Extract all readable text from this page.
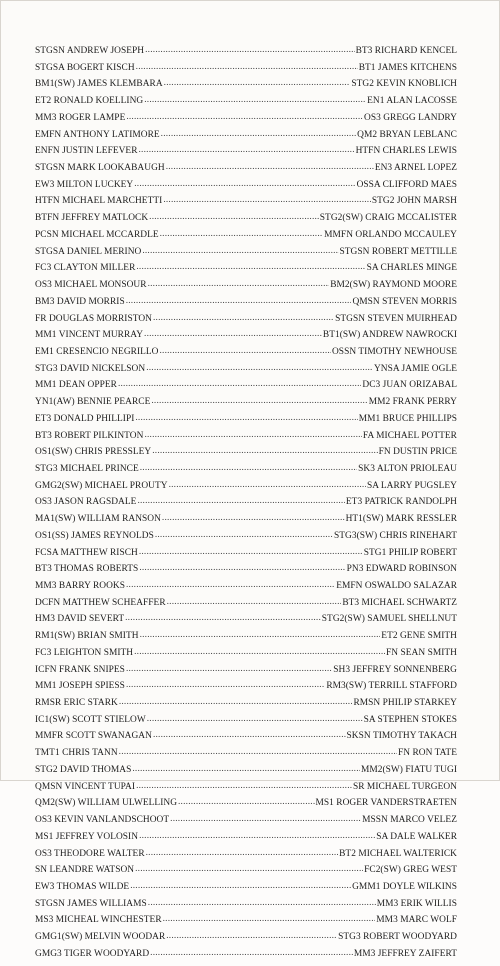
STGSN ANDREW JOSEPH .....	BT3 RICHARD KENCEL
STGSA BOGERT KISCH .....	BT1 JAMES KITCHENS
BM1(SW) JAMES KLEMBARA .....	STG2 KEVIN KNOBLICH
ET2 RONALD KOELLING .....	EN1 ALAN LACOSSE
MM3 ROGER LAMPE .....	OS3 GREGG LANDRY
EMFN ANTHONY LATIMORE .....	QM2 BRYAN LEBLANC
ENFN JUSTIN LEFEVER .....	HTFN CHARLES LEWIS
STGSN MARK LOOKABAUGH .....	EN3 ARNEL LOPEZ
EW3 MILTON LUCKEY .....	OSSA CLIFFORD MAES
HTFN MICHAEL MARCHETTI .....	STG2 JOHN MARSH
BTFN JEFFREY MATLOCK .....	STG2(SW) CRAIG MCCALISTER
PCSN MICHAEL MCCARDLE .....	MMFN ORLANDO MCCAULEY
STGSA DANIEL MERINO .....	STGSN ROBERT METTILLE
FC3 CLAYTON MILLER .....	SA CHARLES MINGE
OS3 MICHAEL MONSOUR .....	BM2(SW) RAYMOND MOORE
BM3 DAVID MORRIS .....	QMSN STEVEN MORRIS
FR DOUGLAS MORRISTON .....	STGSN STEVEN MUIRHEAD
MM1 VINCENT MURRAY .....	BT1(SW) ANDREW NAWROCKI
EM1 CRESENCIO NEGRILLO .....	OSSN TIMOTHY NEWHOUSE
STG3 DAVID NICKELSON .....	YNSA JAMIE OGLE
MM1 DEAN OPPER .....	DC3 JUAN ORIZABAL
YN1(AW) BENNIE PEARCE .....	MM2 FRANK PERRY
ET3 DONALD PHILLIPI .....	MM1 BRUCE PHILLIPS
BT3 ROBERT PILKINTON .....	FA MICHAEL POTTER
OS1(SW) CHRIS PRESSLEY .....	FN DUSTIN PRICE
STG3 MICHAEL PRINCE .....	SK3 ALTON PRIOLEAU
GMG2(SW) MICHAEL PROUTY .....	SA LARRY PUGSLEY
OS3 JASON RAGSDALE .....	ET3 PATRICK RANDOLPH
MA1(SW) WILLIAM RANSON .....	HT1(SW) MARK RESSLER
OS1(SS) JAMES REYNOLDS .....	STG3(SW) CHRIS RINEHART
FCSA MATTHEW RISCH .....	STG1 PHILIP ROBERT
BT3 THOMAS ROBERTS .....	PN3 EDWARD ROBINSON
MM3 BARRY ROOKS .....	EMFN OSWALDO SALAZAR
DCFN MATTHEW SCHEAFFER .....	BT3 MICHAEL SCHWARTZ
HM3 DAVID SEVERT .....	STG2(SW) SAMUEL SHELLNUT
RM1(SW) BRIAN SMITH .....	ET2 GENE SMITH
FC3 LEIGHTON SMITH .....	FN SEAN SMITH
ICFN FRANK SNIPES .....	SH3 JEFFREY SONNENBERG
MM1 JOSEPH SPIESS .....	RM3(SW) TERRILL STAFFORD
RMSR ERIC STARK .....	RMSN PHILIP STARKEY
IC1(SW) SCOTT STIELOW .....	SA STEPHEN STOKES
MMFR SCOTT SWANAGAN .....	SKSN TIMOTHY TAKACH
TMT1 CHRIS TANN .....	FN RON TATE
STG2 DAVID THOMAS .....	MM2(SW) FIATU TUGI
QMSN VINCENT TUPAI .....	SR MICHAEL TURGEON
QM2(SW) WILLIAM ULWELLING .....	MS1 ROGER VANDERSTRAETEN
OS3 KEVIN VANLANDSCHOOT .....	MSSN MARCO VELEZ
MS1 JEFFREY VOLOSIN .....	SA DALE WALKER
OS3 THEODORE WALTER .....	BT2 MICHAEL WALTERICK
SN LEANDRE WATSON .....	FC2(SW) GREG WEST
EW3 THOMAS WILDE .....	GMM1 DOYLE WILKINS
STGSN JAMES WILLIAMS .....	MM3 ERIK WILLIS
MS3 MICHEAL WINCHESTER .....	MM3 MARC WOLF
GMG1(SW) MELVIN WOODAR .....	STG3 ROBERT WOODYARD
GMG3 TIGER WOODYARD .....	MM3 JEFFREY ZAIFERT
